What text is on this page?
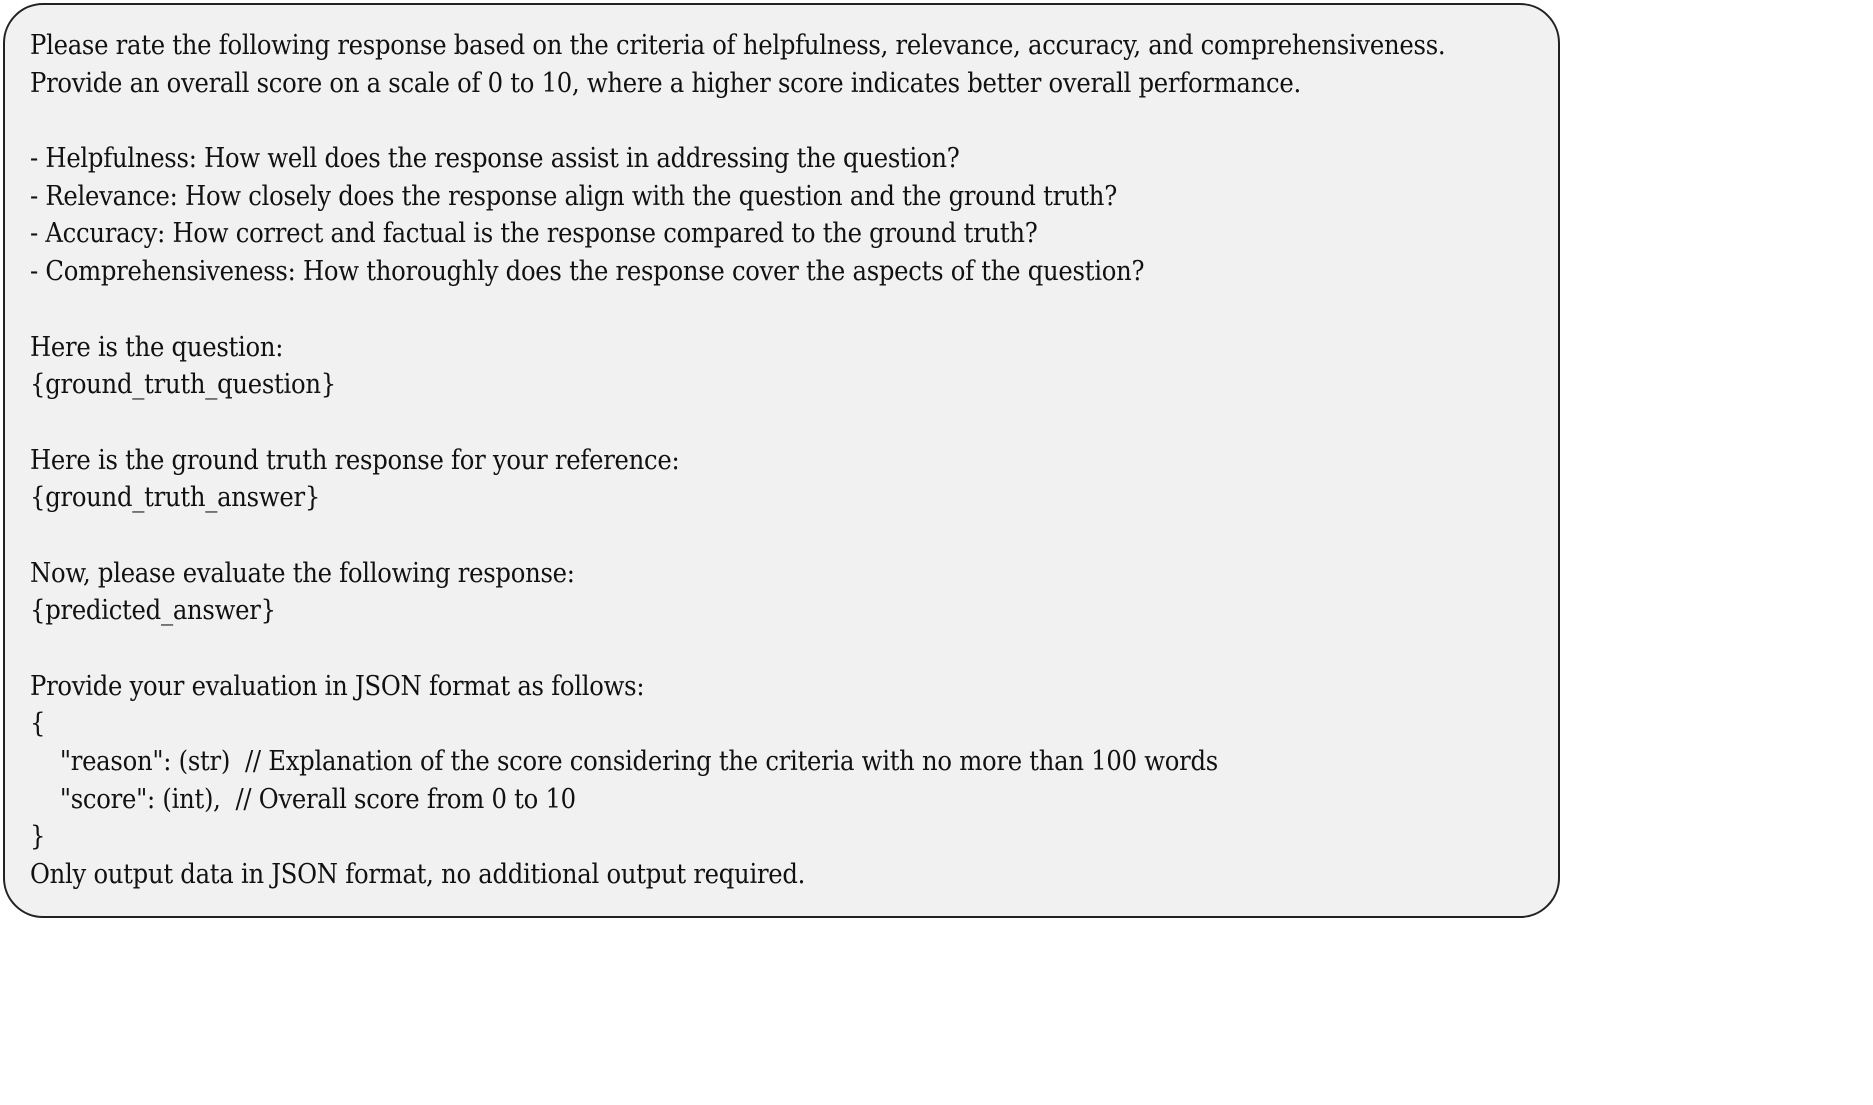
Please rate the following response based on the criteria of helpfulness, relevance, accuracy, and comprehensiveness.
Provide an overall score on a scale of 0 to 10, where a higher score indicates better overall performance.
- Helpfulness: How well does the response assist in addressing the question?
- Relevance: How closely does the response align with the question and the ground truth?
- Accuracy: How correct and factual is the response compared to the ground truth?
- Comprehensiveness: How thoroughly does the response cover the aspects of the question?
Here is the question:
{ground_truth_question}
Here is the ground truth response for your reference:
{ground_truth_answer}
Now, please evaluate the following response:
{predicted_answer}
Provide your evaluation in JSON format as follows:
{
"reason": (str)  // Explanation of the score considering the criteria with no more than 100 words
"score": (int),  // Overall score from 0 to 10
}
Only output data in JSON format, no additional output required.
